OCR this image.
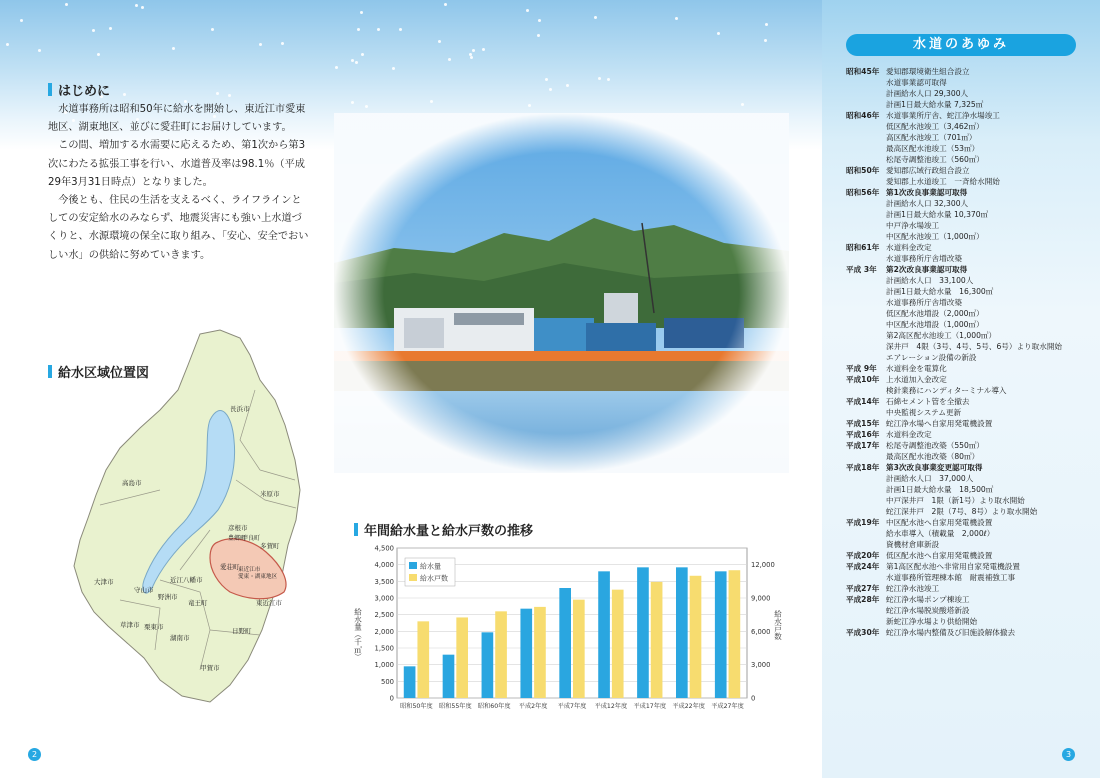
はじめに

水道事務所は昭和50年に給水を開始し、東近江市愛東地区、湖東地区、並びに愛荘町にお届けしています。

この間、増加する水需要に応えるため、第1次から第3次にわたる拡張工事を行い、水道普及率は98.1％（平成29年3月31日時点）となりました。

今後とも、住民の生活を支えるべく、ライフラインとしての安定給水のみならず、地震災害にも強い上水道づくりと、水源環境の保全に取り組み、「安心、安全でおいしい水」の供給に努めていきます。

給水区域位置図
長浜市
高島市
米原市
彦根市
豊郷町
甲良町
多賀町
愛荘町
東近江市
愛東・湖東地区
大津市	近江八幡市
守山市
野洲市
竜王町
草津市 栗東市
湖南市
東近江市
日野町
甲賀市
年間給水量と給水戸数の推移
0
500
1,000
1,500
2,000
2,500
3,000
3,500
4,000
4,500
0
3,000
6,000
9,000
12,000
昭和50年度 昭和55年度 昭和60年度 平成2年度 平成7年度 平成12年度 平成17年度 平成22年度 平成27年度
給水量
給水戸数
給水量（千㎥）	給水戸数
水道のあゆみ
昭和45年 愛知郡環境衛生組合設立
水道事業認可取得
計画給水人口 29,300人
計画1日最大給水量 7,325㎥
昭和46年 水道事業所庁舎、蛇江浄水場竣工
低区配水池竣工（3,462㎥）
高区配水池竣工（701㎥）
最高区配水池竣工（53㎥）
松尾寺調整池竣工（560㎥）
昭和50年 愛知郡広域行政組合設立
愛知郡上水道竣工　一斉給水開始
昭和56年 第1次改良事業認可取得
計画給水人口 32,300人
計画1日最大給水量 10,370㎥
中戸浄水場竣工
中区配水池竣工（1,000㎥）
昭和61年 水道料金改定
水道事務所庁舎増改築
平成 3年	第2次改良事業認可取得
計画給水人口　33,100人
計画1日最大給水量　16,300㎥
水道事務所庁舎増改築
低区配水池増設（2,000㎥）
中区配水池増設（1,000㎥）
第2高区配水池竣工（1,000㎥）
深井戸　4限（3号、4号、5号、6号）より取水開始
エアレーション設備の新設
平成 9年	水道料金を電算化
平成10年 上水道加入金改定
検針業務にハンディターミナル導入
平成14年 石綿セメント管を全撤去
中央監視システム更新
平成15年 蛇江浄水場へ自家用発電機設置
平成16年 水道料金改定
平成17年 松尾寺調整池改築（550㎥）
最高区配水池改築（80㎥）
平成18年 第3次改良事業変更認可取得
計画給水人口　37,000人
計画1日最大給水量　18,500㎥
中戸深井戸　1限（新1号）より取水開始
蛇江深井戸　2限（7号、8号）より取水開始
平成19年 中区配水池へ自家用発電機設置
給水車導入（積載量　2,000ℓ）
資機材倉庫新設
平成20年 低区配水池へ自家用発電機設置
平成24年 第1高区配水池へ非常用自家発電機設置
水道事務所管理棟本館　耐震補強工事
平成27年 蛇江浄水池竣工
平成28年 蛇江浄水場ポンプ棟竣工
蛇江浄水場脱炭酸塔新設
新蛇江浄水場より供給開始
平成30年 蛇江浄水場内整備及び旧施設解体撤去
2	3
